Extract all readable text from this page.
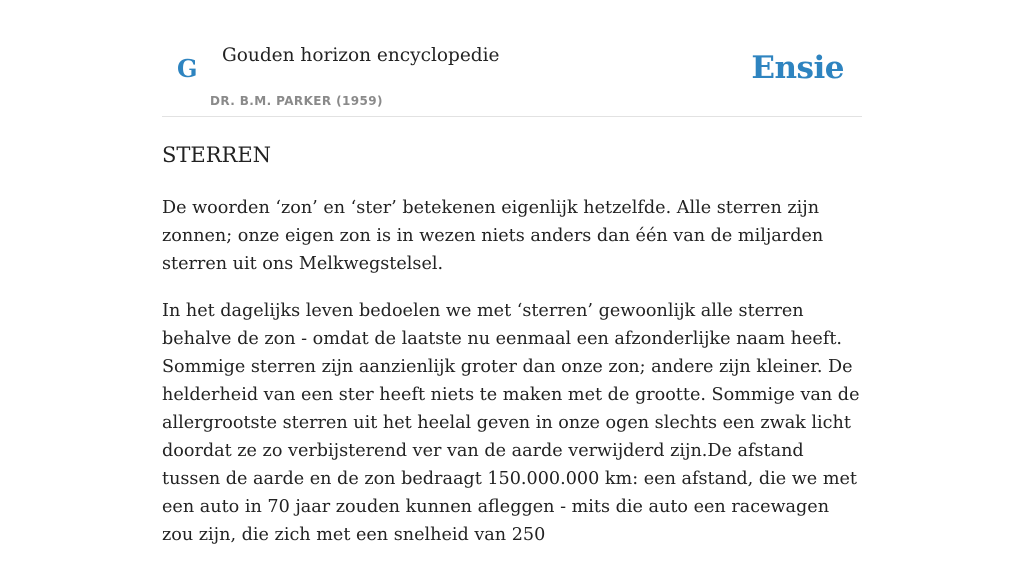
G Gouden horizon encyclopedie
DR. B.M. PARKER (1959)
Ensie
STERREN

De woorden ‘zon’ en ‘ster’ betekenen eigenlijk hetzelfde. Alle sterren zijn zonnen; onze eigen zon is in wezen niets anders dan één van de miljarden sterren uit ons Melkwegstelsel.

In het dagelijks leven bedoelen we met ‘sterren’ gewoonlijk alle sterren behalve de zon - omdat de laatste nu eenmaal een afzonderlijke naam heeft. Sommige sterren zijn aanzienlijk groter dan onze zon; andere zijn kleiner. De helderheid van een ster heeft niets te maken met de grootte. Sommige van de allergrootste sterren uit het heelal geven in onze ogen slechts een zwak licht doordat ze zo verbijsterend ver van de aarde verwijderd zijn.De afstand tussen de aarde en de zon bedraagt 150.000.000 km: een afstand, die we met een auto in 70 jaar zouden kunnen afleggen - mits die auto een racewagen zou zijn, die zich met een snelheid van 250
